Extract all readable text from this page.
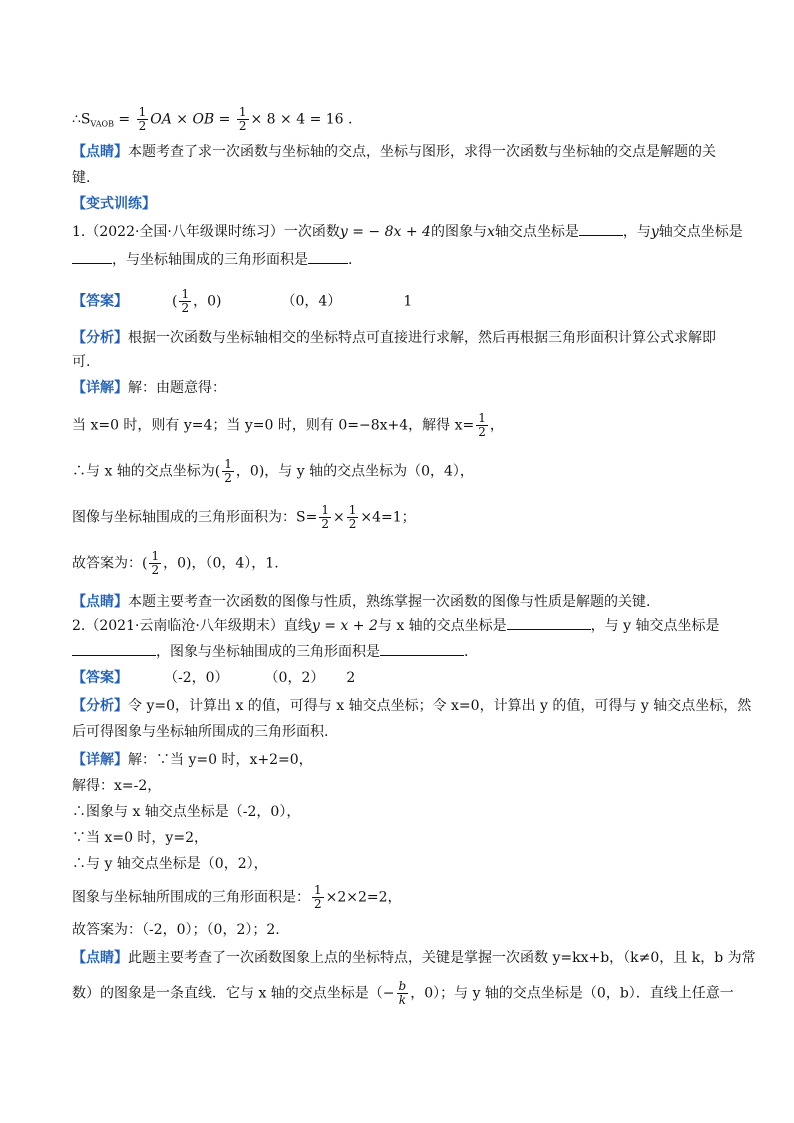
$\therefore S_{VAOB} = \frac{1}{2}$ OA × OB = $\frac{1}{2} \times 8 \times 4 = 16$ .
【点睛】本题考查了求一次函数与坐标轴的交点，坐标与图形，求得一次函数与坐标轴的交点是解题的关
键.
【变式训练】
1.（2022·全国·八年级课时练习）一次函数y = − 8x + 4的图象与x轴交点坐标是	，与y轴交点坐标是
，与坐标轴围成的三角形面积是	.
【答案】	( $\frac{1}{2}$ ，0)	（0，4）	1
【分析】根据一次函数与坐标轴相交的坐标特点可直接进行求解，然后再根据三角形面积计算公式求解即
可.
【详解】解：由题意得：
当 x=0 时，则有 y=4；当 y=0 时，则有 0=−8x+4，解得 $x= \frac{1}{2}$ ，
∴与 x 轴的交点坐标为( $\frac{1}{2}$ ，0)，与 y 轴的交点坐标为（0，4），
图像与坐标轴围成的三角形面积为：$S= \frac{1}{2} \times \frac{1}{2} \times 4=1$；
故答案为：( $\frac{1}{2}$ ，0)，（0，4），1.
【点睛】本题主要考查一次函数的图像与性质，熟练掌握一次函数的图像与性质是解题的关键.
2.（2021·云南临沧·八年级期末）直线y = x + 2与 x 轴的交点坐标是	，与 y 轴交点坐标是
，图象与坐标轴围成的三角形面积是	.
【答案】	（-2，0）	（0，2） 2
【分析】令 y=0，计算出 x 的值，可得与 x 轴交点坐标；令 x=0，计算出 y 的值，可得与 y 轴交点坐标，然
后可得图象与坐标轴所围成的三角形面积.
【详解】解：∵当 y=0 时，x+2=0，
解得：x=-2，
∴图象与 x 轴交点坐标是（-2，0），
∵当 x=0 时，y=2，
∴与 y 轴交点坐标是（0，2），
图象与坐标轴所围成的三角形面积是： $\frac{1}{2} \times 2\times 2=2$，
故答案为：（-2，0）；（0，2）；2.
【点睛】此题主要考查了一次函数图象上点的坐标特点，关键是掌握一次函数 y=kx+b，（k≠0，且 k，b 为常
数）的图象是一条直线．它与 x 轴的交点坐标是（− $\frac{b}{k}$ ，0）；与 y 轴的交点坐标是（0，b）．直线上任意一
